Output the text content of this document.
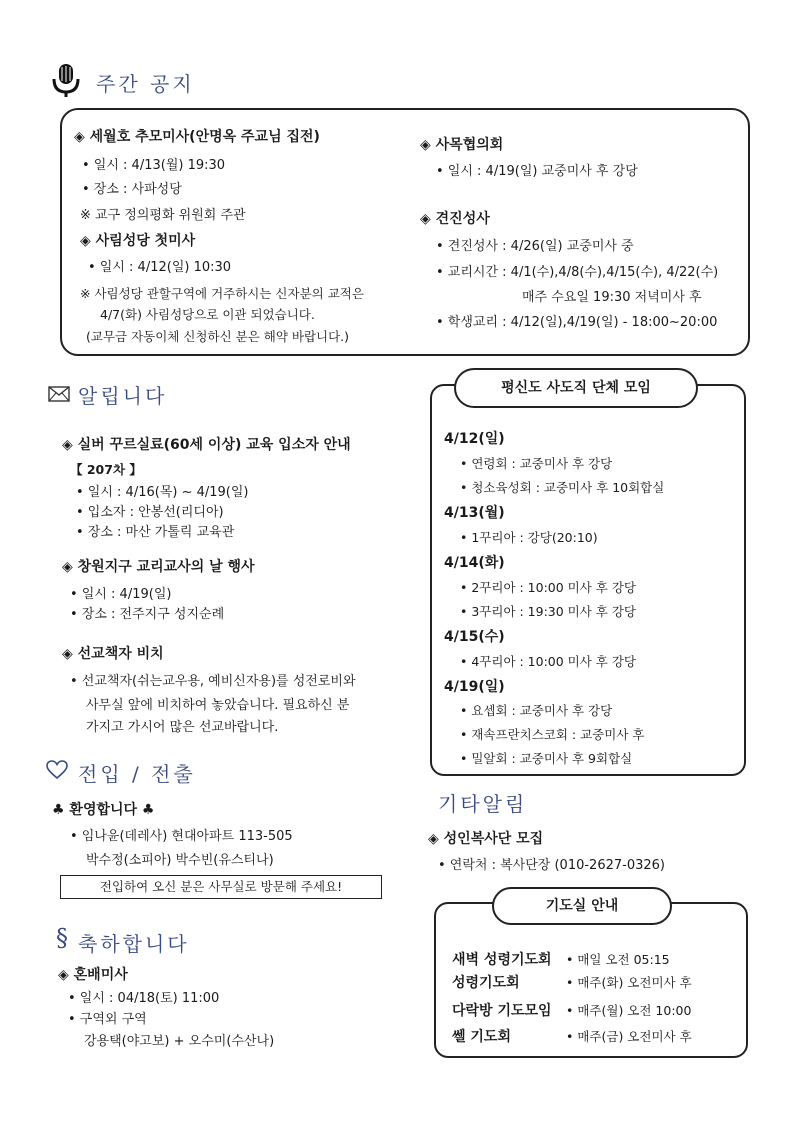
주간 공지
◈ 세월호 추모미사(안명옥 주교님 집전)
• 일시 : 4/13(월) 19:30
• 장소 : 사파성당
※ 교구 정의평화 위원회 주관
◈ 사림성당 첫미사
• 일시 : 4/12(일) 10:30
※ 사림성당 관할구역에 거주하시는 신자분의 교적은
4/7(화) 사림성당으로 이관 되었습니다.
(교무금 자동이체 신청하신 분은 해약 바랍니다.)
◈ 사목협의회
• 일시 : 4/19(일) 교중미사 후 강당
◈ 견진성사
• 견진성사 : 4/26(일) 교중미사 중
• 교리시간 : 4/1(수),4/8(수),4/15(수), 4/22(수)
매주 수요일 19:30 저녁미사 후
• 학생교리 : 4/12(일),4/19(일) - 18:00~20:00
알립니다
◈ 실버 꾸르실료(60세 이상) 교육 입소자 안내
【 207차 】
• 일시 : 4/16(목) ~ 4/19(일)
• 입소자 : 안봉선(리디아)
• 장소 : 마산 가톨릭 교육관
◈ 창원지구 교리교사의 날 행사
• 일시 : 4/19(일)
• 장소 : 전주지구 성지순례
◈ 선교책자 비치
• 선교책자(쉬는교우용, 예비신자용)를 성전로비와
사무실 앞에 비치하여 놓았습니다. 필요하신 분
가지고 가시어 많은 선교바랍니다.
전입 / 전출
♣ 환영합니다 ♣
• 임나윤(데레사) 현대아파트 113-505
박수정(소피아) 박수빈(유스티나)
전입하여 오신 분은 사무실로 방문해 주세요!
§ 축하합니다
◈ 혼배미사
• 일시 : 04/18(토) 11:00
• 구역외 구역
강용택(야고보) + 오수미(수산나)
평신도 사도직 단체 모임
4/12(일)
• 연령회 : 교중미사 후 강당
• 청소육성회 : 교중미사 후 10회합실
4/13(월)
• 1꾸리아 : 강당(20:10)
4/14(화)
• 2꾸리아 : 10:00 미사 후 강당
• 3꾸리아 : 19:30 미사 후 강당
4/15(수)
• 4꾸리아 : 10:00 미사 후 강당
4/19(일)
• 요셉회 : 교중미사 후 강당
• 재속프란치스코회 : 교중미사 후
• 밀알회 : 교중미사 후 9회합실
기타알림
◈ 성인복사단 모집
• 연락처 : 복사단장 (010-2627-0326)
기도실 안내
새벽 성령기도회 • 매일 오전 05:15
성령기도회	• 매주(화) 오전미사 후
다락방 기도모임 • 매주(월) 오전 10:00
쎌 기도회	• 매주(금) 오전미사 후
